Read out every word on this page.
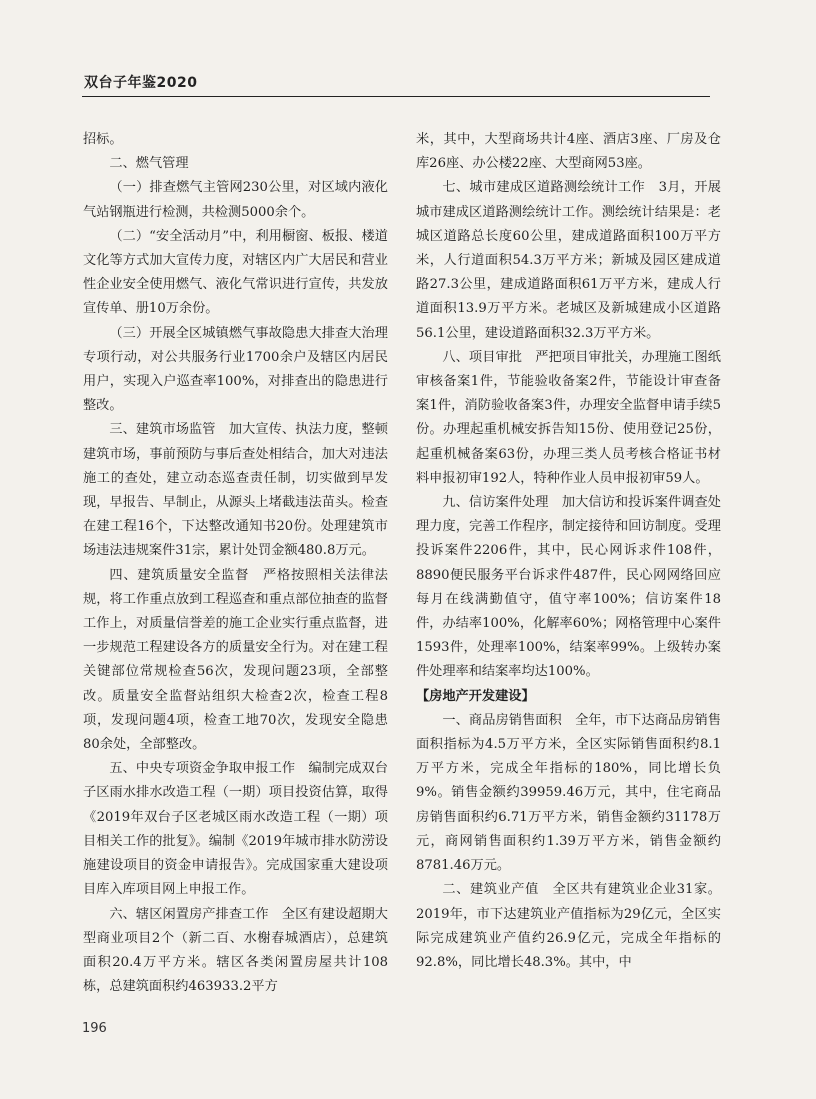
双台子年鉴2020

招标。

二、燃气管理

（一）排查燃气主管网230公里，对区域内液化气站钢瓶进行检测，共检测5000余个。

（二）“安全活动月”中，利用橱窗、板报、楼道文化等方式加大宣传力度，对辖区内广大居民和营业性企业安全使用燃气、液化气常识进行宣传，共发放宣传单、册10万余份。

（三）开展全区城镇燃气事故隐患大排查大治理专项行动，对公共服务行业1700余户及辖区内居民用户，实现入户巡查率100%，对排查出的隐患进行整改。

三、建筑市场监管　加大宣传、执法力度，整顿建筑市场，事前预防与事后查处相结合，加大对违法施工的查处，建立动态巡查责任制，切实做到早发现，早报告、早制止，从源头上堵截违法苗头。检查在建工程16个，下达整改通知书20份。处理建筑市场违法违规案件31宗，累计处罚金额480.8万元。

四、建筑质量安全监督　严格按照相关法律法规，将工作重点放到工程巡查和重点部位抽查的监督工作上，对质量信誉差的施工企业实行重点监督，进一步规范工程建设各方的质量安全行为。对在建工程关键部位常规检查56次，发现问题23项，全部整改。质量安全监督站组织大检查2次，检查工程8项，发现问题4项，检查工地70次，发现安全隐患80余处，全部整改。

五、中央专项资金争取申报工作　编制完成双台子区雨水排水改造工程（一期）项目投资估算，取得《2019年双台子区老城区雨水改造工程（一期）项目相关工作的批复》。编制《2019年城市排水防涝设施建设项目的资金申请报告》。完成国家重大建设项目库入库项目网上申报工作。

六、辖区闲置房产排查工作　全区有建设超期大型商业项目2个（新二百、水榭春城酒店），总建筑面积20.4万平方米。辖区各类闲置房屋共计108栋，总建筑面积约463933.2平方

米，其中，大型商场共计4座、酒店3座、厂房及仓库26座、办公楼22座、大型商网53座。

七、城市建成区道路测绘统计工作　3月，开展城市建成区道路测绘统计工作。测绘统计结果是：老城区道路总长度60公里，建成道路面积100万平方米，人行道面积54.3万平方米；新城及园区建成道路27.3公里，建成道路面积61万平方米，建成人行道面积13.9万平方米。老城区及新城建成小区道路56.1公里，建设道路面积32.3万平方米。

八、项目审批　严把项目审批关，办理施工图纸审核备案1件，节能验收备案2件，节能设计审查备案1件，消防验收备案3件，办理安全监督申请手续5份。办理起重机械安拆告知15份、使用登记25份，起重机械备案63份，办理三类人员考核合格证书材料申报初审192人，特种作业人员申报初审59人。

九、信访案件处理　加大信访和投诉案件调查处理力度，完善工作程序，制定接待和回访制度。受理投诉案件2206件，其中，民心网诉求件108件，8890便民服务平台诉求件487件，民心网网络回应每月在线满勤值守，值守率100%；信访案件18件，办结率100%，化解率60%；网格管理中心案件1593件，处理率100%，结案率99%。上级转办案件处理率和结案率均达100%。

【房地产开发建设】

一、商品房销售面积　全年，市下达商品房销售面积指标为4.5万平方米，全区实际销售面积约8.1万平方米，完成全年指标的180%，同比增长负9%。销售金额约39959.46万元，其中，住宅商品房销售面积约6.71万平方米，销售金额约31178万元，商网销售面积约1.39万平方米，销售金额约8781.46万元。

二、建筑业产值　全区共有建筑业企业31家。2019年，市下达建筑业产值指标为29亿元，全区实际完成建筑业产值约26.9亿元，完成全年指标的92.8%，同比增长48.3%。其中，中

196
